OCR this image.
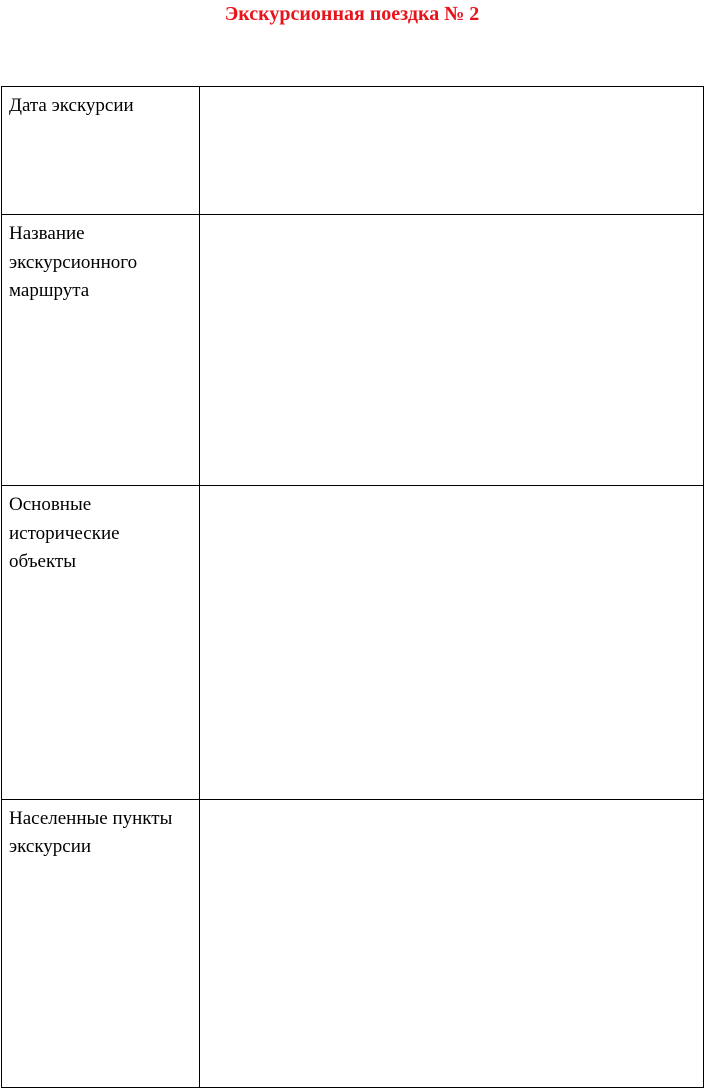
Экскурсионная поездка № 2
Дата экскурсии	

Название
экскурсионного
маршрута	

Основные
исторические
объекты	

Населенные пункты
экскурсии	
